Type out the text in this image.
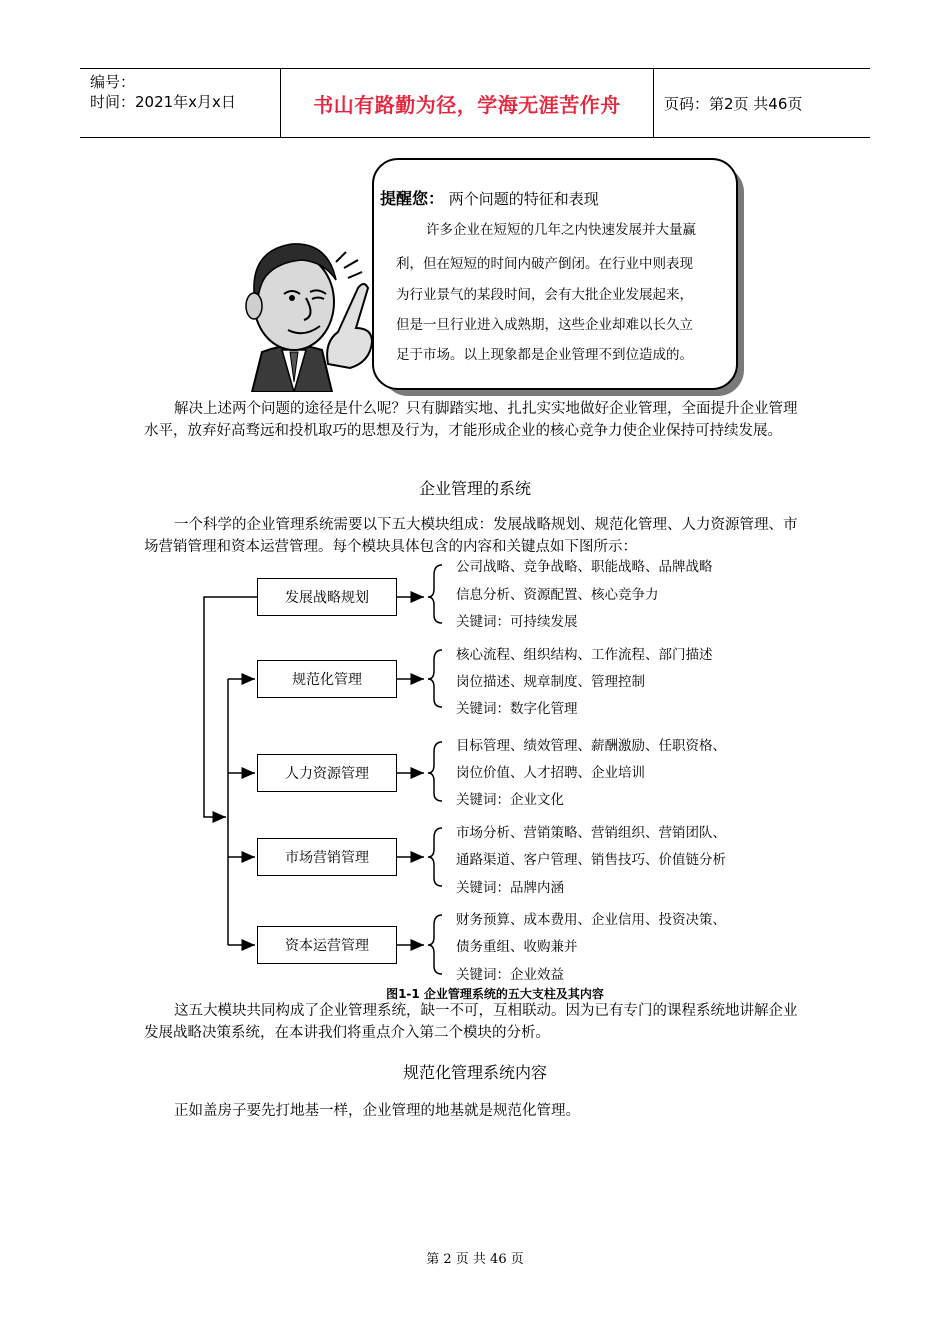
编号：
时间：2021年x月x日	书山有路勤为径，学海无涯苦作舟	页码：第2页 共46页
提醒您： 两个问题的特征和表现
许多企业在短短的几年之内快速发展并大量赢
利，但在短短的时间内破产倒闭。在行业中则表现
为行业景气的某段时间，会有大批企业发展起来，
但是一旦行业进入成熟期，这些企业却难以长久立
足于市场。以上现象都是企业管理不到位造成的。
解决上述两个问题的途径是什么呢？只有脚踏实地、扎扎实实地做好企业管理，全面提升企业管理水平，放弃好高骛远和投机取巧的思想及行为，才能形成企业的核心竞争力使企业保持可持续发展。
企业管理的系统
一个科学的企业管理系统需要以下五大模块组成：发展战略规划、规范化管理、人力资源管理、市场营销管理和资本运营管理。每个模块具体包含的内容和关键点如下图所示：
发展战略规划
规范化管理
人力资源管理
市场营销管理
资本运营管理
公司战略、竞争战略、职能战略、品牌战略
信息分析、资源配置、核心竞争力
关键词：可持续发展
核心流程、组织结构、工作流程、部门描述
岗位描述、规章制度、管理控制
关键词：数字化管理
目标管理、绩效管理、薪酬激励、任职资格、
岗位价值、人才招聘、企业培训
关键词：企业文化
市场分析、营销策略、营销组织、营销团队、
通路渠道、客户管理、销售技巧、价值链分析
关键词：品牌内涵
财务预算、成本费用、企业信用、投资决策、
债务重组、收购兼并
关键词：企业效益
图1-1 企业管理系统的五大支柱及其内容
这五大模块共同构成了企业管理系统，缺一不可，互相联动。因为已有专门的课程系统地讲解企业发展战略决策系统，在本讲我们将重点介入第二个模块的分析。
规范化管理系统内容
正如盖房子要先打地基一样，企业管理的地基就是规范化管理。
第 2 页 共 46 页
